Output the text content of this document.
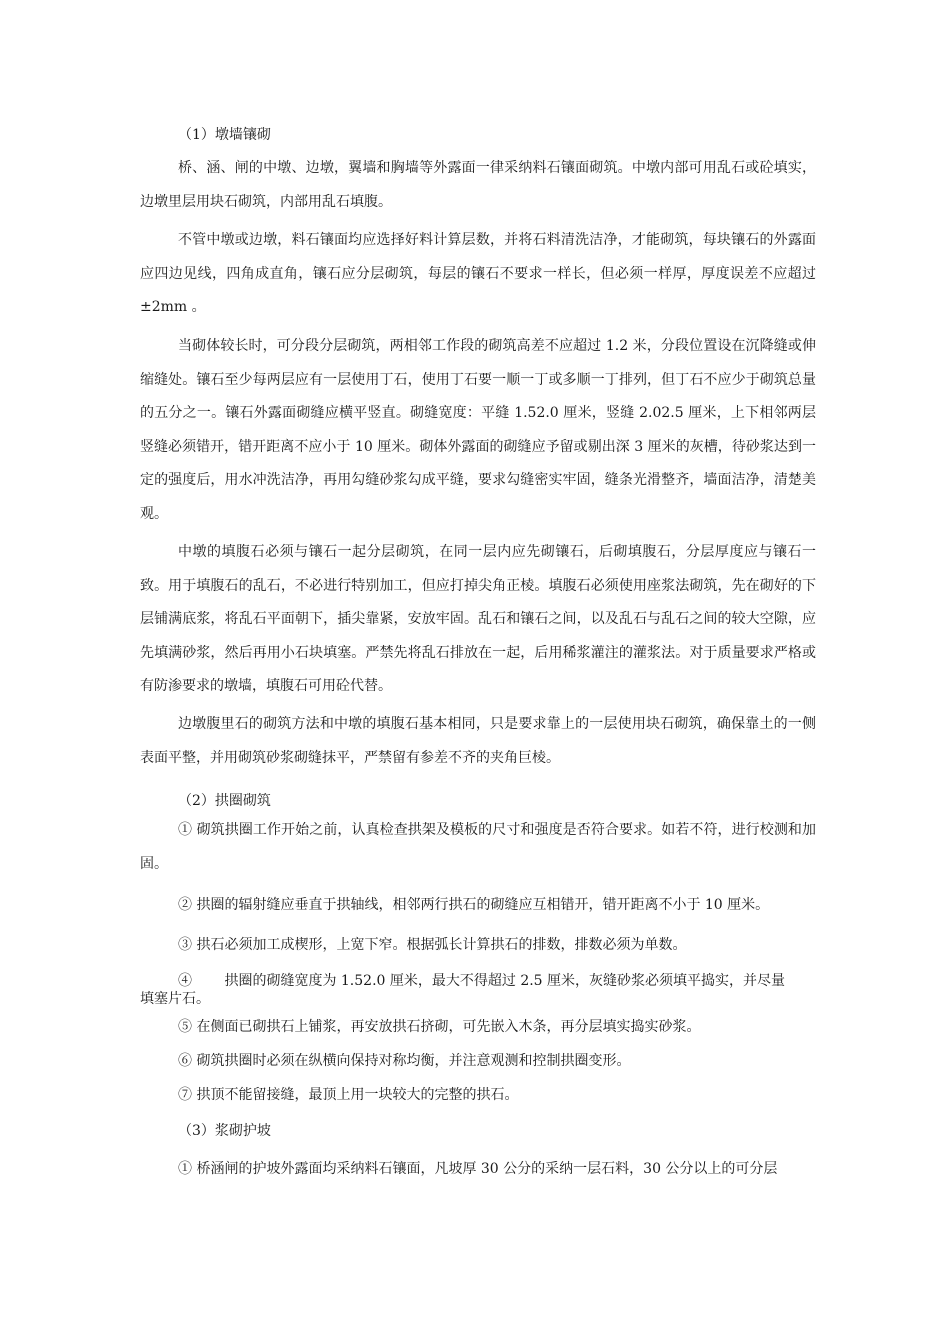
（1）墩墙镶砌
桥、涵、闸的中墩、边墩，翼墙和胸墙等外露面一律采纳料石镶面砌筑。中墩内部可用乱石或砼填实，边墩里层用块石砌筑，内部用乱石填腹。
不管中墩或边墩，料石镶面均应选择好料计算层数，并将石料清洗洁净，才能砌筑，每块镶石的外露面应四边见线，四角成直角，镶石应分层砌筑，每层的镶石不要求一样长，但必须一样厚，厚度误差不应超过±2mm 。
当砌体较长时，可分段分层砌筑，两相邻工作段的砌筑高差不应超过 1.2 米，分段位置设在沉降缝或伸缩缝处。镶石至少每两层应有一层使用丁石，使用丁石要一顺一丁或多顺一丁排列，但丁石不应少于砌筑总量的五分之一。镶石外露面砌缝应横平竖直。砌缝宽度：平缝 1.52.0 厘米，竖缝 2.02.5 厘米，上下相邻两层竖缝必须错开，错开距离不应小于 10 厘米。砌体外露面的砌缝应予留或剔出深 3 厘米的灰槽，待砂浆达到一定的强度后，用水冲洗洁净，再用勾缝砂浆勾成平缝，要求勾缝密实牢固，缝条光滑整齐，墙面洁净，清楚美观。
中墩的填腹石必须与镶石一起分层砌筑，在同一层内应先砌镶石，后砌填腹石，分层厚度应与镶石一致。用于填腹石的乱石，不必进行特别加工，但应打掉尖角正棱。填腹石必须使用座浆法砌筑，先在砌好的下层铺满底浆，将乱石平面朝下，插尖靠紧，安放牢固。乱石和镶石之间，以及乱石与乱石之间的较大空隙，应先填满砂浆，然后再用小石块填塞。严禁先将乱石排放在一起，后用稀浆灌注的灌浆法。对于质量要求严格或有防渗要求的墩墙，填腹石可用砼代替。
边墩腹里石的砌筑方法和中墩的填腹石基本相同，只是要求靠上的一层使用块石砌筑，确保靠土的一侧表面平整，并用砌筑砂浆砌缝抹平，严禁留有参差不齐的夹角巨棱。
（2）拱圈砌筑
① 砌筑拱圈工作开始之前，认真检查拱架及模板的尺寸和强度是否符合要求。如若不符，进行校测和加固。
② 拱圈的辐射缝应垂直于拱轴线，相邻两行拱石的砌缝应互相错开，错开距离不小于 10 厘米。
③ 拱石必须加工成楔形，上宽下窄。根据弧长计算拱石的排数，排数必须为单数。
④ 　　拱圈的砌缝宽度为 1.52.0 厘米，最大不得超过 2.5 厘米，灰缝砂浆必须填平捣实，并尽量
填塞片石。
⑤ 在侧面已砌拱石上铺浆，再安放拱石挤砌，可先嵌入木条，再分层填实捣实砂浆。
⑥ 砌筑拱圈时必须在纵横向保持对称均衡，并注意观测和控制拱圈变形。
⑦ 拱顶不能留接缝，最顶上用一块较大的完整的拱石。
（3）浆砌护坡
① 桥涵闸的护坡外露面均采纳料石镶面，凡坡厚 30 公分的采纳一层石料，30 公分以上的可分层
